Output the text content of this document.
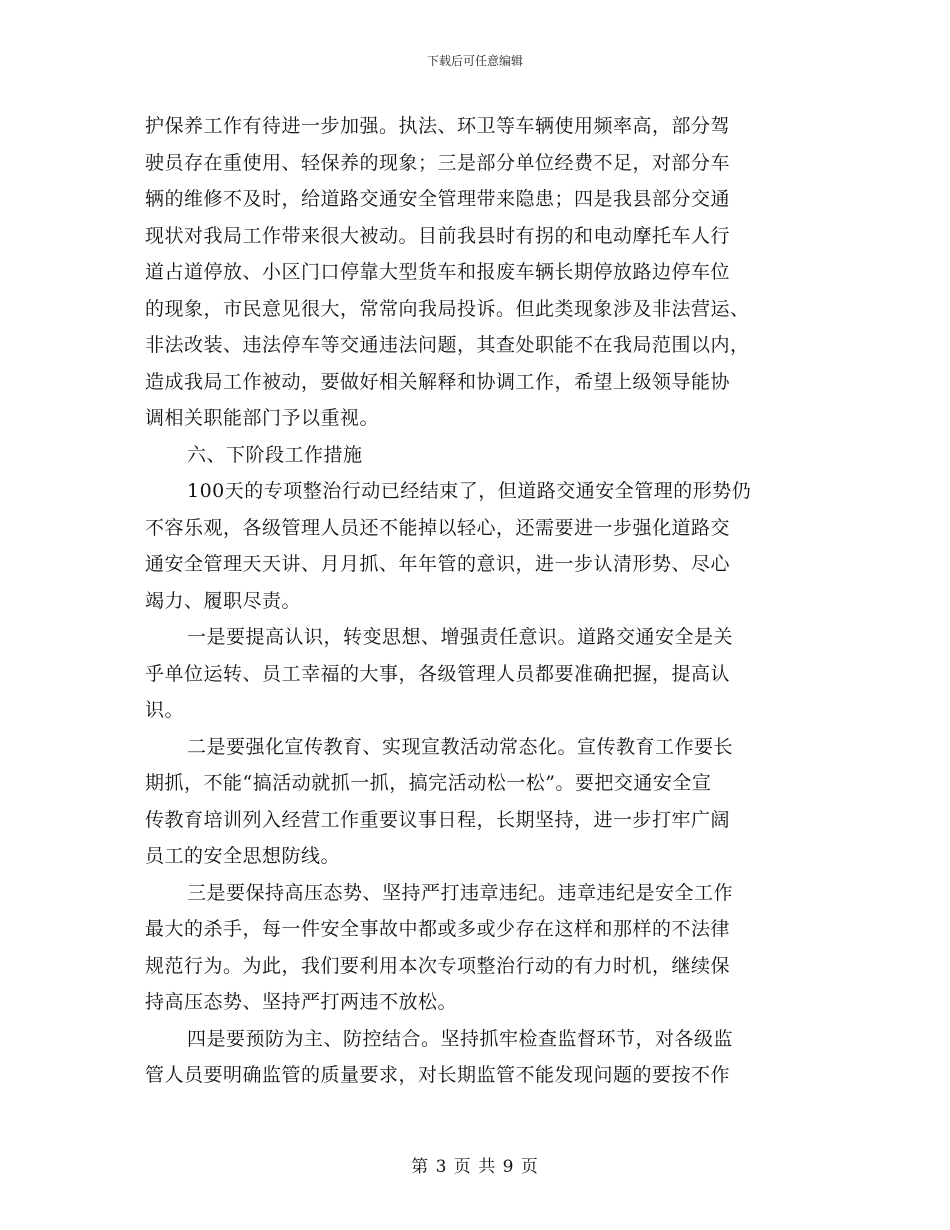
下载后可任意编辑
护保养工作有待进一步加强。执法、环卫等车辆使用频率高，部分驾
驶员存在重使用、轻保养的现象；三是部分单位经费不足，对部分车
辆的维修不及时，给道路交通安全管理带来隐患；四是我县部分交通
现状对我局工作带来很大被动。目前我县时有拐的和电动摩托车人行
道占道停放、小区门口停靠大型货车和报废车辆长期停放路边停车位
的现象，市民意见很大，常常向我局投诉。但此类现象涉及非法营运、
非法改装、违法停车等交通违法问题，其查处职能不在我局范围以内，
造成我局工作被动，要做好相关解释和协调工作，希望上级领导能协
调相关职能部门予以重视。
六、下阶段工作措施
100天的专项整治行动已经结束了，但道路交通安全管理的形势仍
不容乐观，各级管理人员还不能掉以轻心，还需要进一步强化道路交
通安全管理天天讲、月月抓、年年管的意识，进一步认清形势、尽心
竭力、履职尽责。
一是要提高认识，转变思想、增强责任意识。道路交通安全是关
乎单位运转、员工幸福的大事，各级管理人员都要准确把握，提高认
识。
二是要强化宣传教育、实现宣教活动常态化。宣传教育工作要长
期抓，不能“搞活动就抓一抓，搞完活动松一松”。要把交通安全宣
传教育培训列入经营工作重要议事日程，长期坚持，进一步打牢广阔
员工的安全思想防线。
三是要保持高压态势、坚持严打违章违纪。违章违纪是安全工作
最大的杀手，每一件安全事故中都或多或少存在这样和那样的不法律
规范行为。为此，我们要利用本次专项整治行动的有力时机，继续保
持高压态势、坚持严打两违不放松。
四是要预防为主、防控结合。坚持抓牢检查监督环节，对各级监
管人员要明确监管的质量要求，对长期监管不能发现问题的要按不作
第 3 页 共 9 页
